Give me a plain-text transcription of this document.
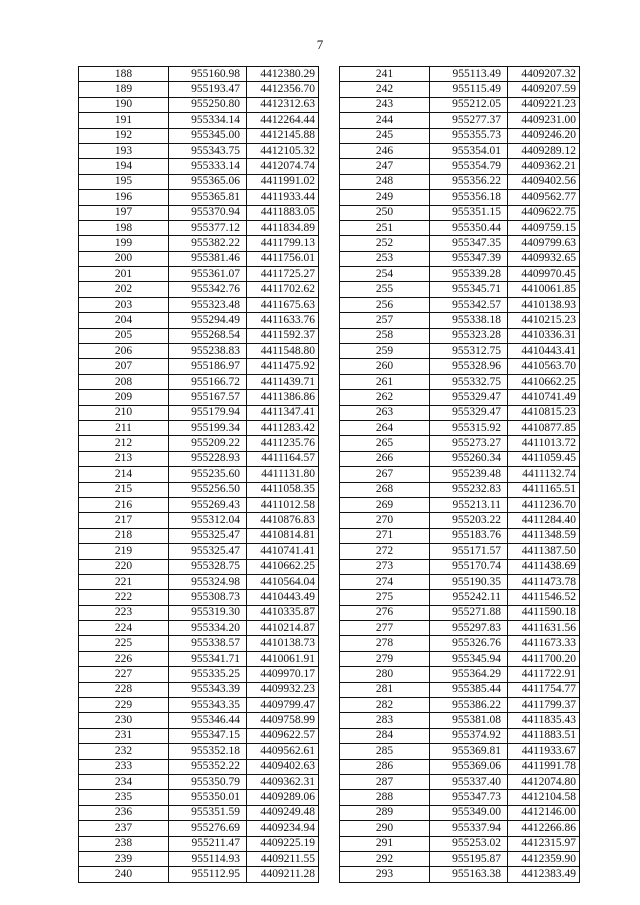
7
188	955160.98	4412380.29
189	955193.47	4412356.70
190	955250.80	4412312.63
191	955334.14	4412264.44
192	955345.00	4412145.88
193	955343.75	4412105.32
194	955333.14	4412074.74
195	955365.06	4411991.02
196	955365.81	4411933.44
197	955370.94	4411883.05
198	955377.12	4411834.89
199	955382.22	4411799.13
200	955381.46	4411756.01
201	955361.07	4411725.27
202	955342.76	4411702.62
203	955323.48	4411675.63
204	955294.49	4411633.76
205	955268.54	4411592.37
206	955238.83	4411548.80
207	955186.97	4411475.92
208	955166.72	4411439.71
209	955167.57	4411386.86
210	955179.94	4411347.41
211	955199.34	4411283.42
212	955209.22	4411235.76
213	955228.93	4411164.57
214	955235.60	4411131.80
215	955256.50	4411058.35
216	955269.43	4411012.58
217	955312.04	4410876.83
218	955325.47	4410814.81
219	955325.47	4410741.41
220	955328.75	4410662.25
221	955324.98	4410564.04
222	955308.73	4410443.49
223	955319.30	4410335.87
224	955334.20	4410214.87
225	955338.57	4410138.73
226	955341.71	4410061.91
227	955335.25	4409970.17
228	955343.39	4409932.23
229	955343.35	4409799.47
230	955346.44	4409758.99
231	955347.15	4409622.57
232	955352.18	4409562.61
233	955352.22	4409402.63
234	955350.79	4409362.31
235	955350.01	4409289.06
236	955351.59	4409249.48
237	955276.69	4409234.94
238	955211.47	4409225.19
239	955114.93	4409211.55
240	955112.95	4409211.28
241	955113.49	4409207.32
242	955115.49	4409207.59
243	955212.05	4409221.23
244	955277.37	4409231.00
245	955355.73	4409246.20
246	955354.01	4409289.12
247	955354.79	4409362.21
248	955356.22	4409402.56
249	955356.18	4409562.77
250	955351.15	4409622.75
251	955350.44	4409759.15
252	955347.35	4409799.63
253	955347.39	4409932.65
254	955339.28	4409970.45
255	955345.71	4410061.85
256	955342.57	4410138.93
257	955338.18	4410215.23
258	955323.28	4410336.31
259	955312.75	4410443.41
260	955328.96	4410563.70
261	955332.75	4410662.25
262	955329.47	4410741.49
263	955329.47	4410815.23
264	955315.92	4410877.85
265	955273.27	4411013.72
266	955260.34	4411059.45
267	955239.48	4411132.74
268	955232.83	4411165.51
269	955213.11	4411236.70
270	955203.22	4411284.40
271	955183.76	4411348.59
272	955171.57	4411387.50
273	955170.74	4411438.69
274	955190.35	4411473.78
275	955242.11	4411546.52
276	955271.88	4411590.18
277	955297.83	4411631.56
278	955326.76	4411673.33
279	955345.94	4411700.20
280	955364.29	4411722.91
281	955385.44	4411754.77
282	955386.22	4411799.37
283	955381.08	4411835.43
284	955374.92	4411883.51
285	955369.81	4411933.67
286	955369.06	4411991.78
287	955337.40	4412074.80
288	955347.73	4412104.58
289	955349.00	4412146.00
290	955337.94	4412266.86
291	955253.02	4412315.97
292	955195.87	4412359.90
293	955163.38	4412383.49
